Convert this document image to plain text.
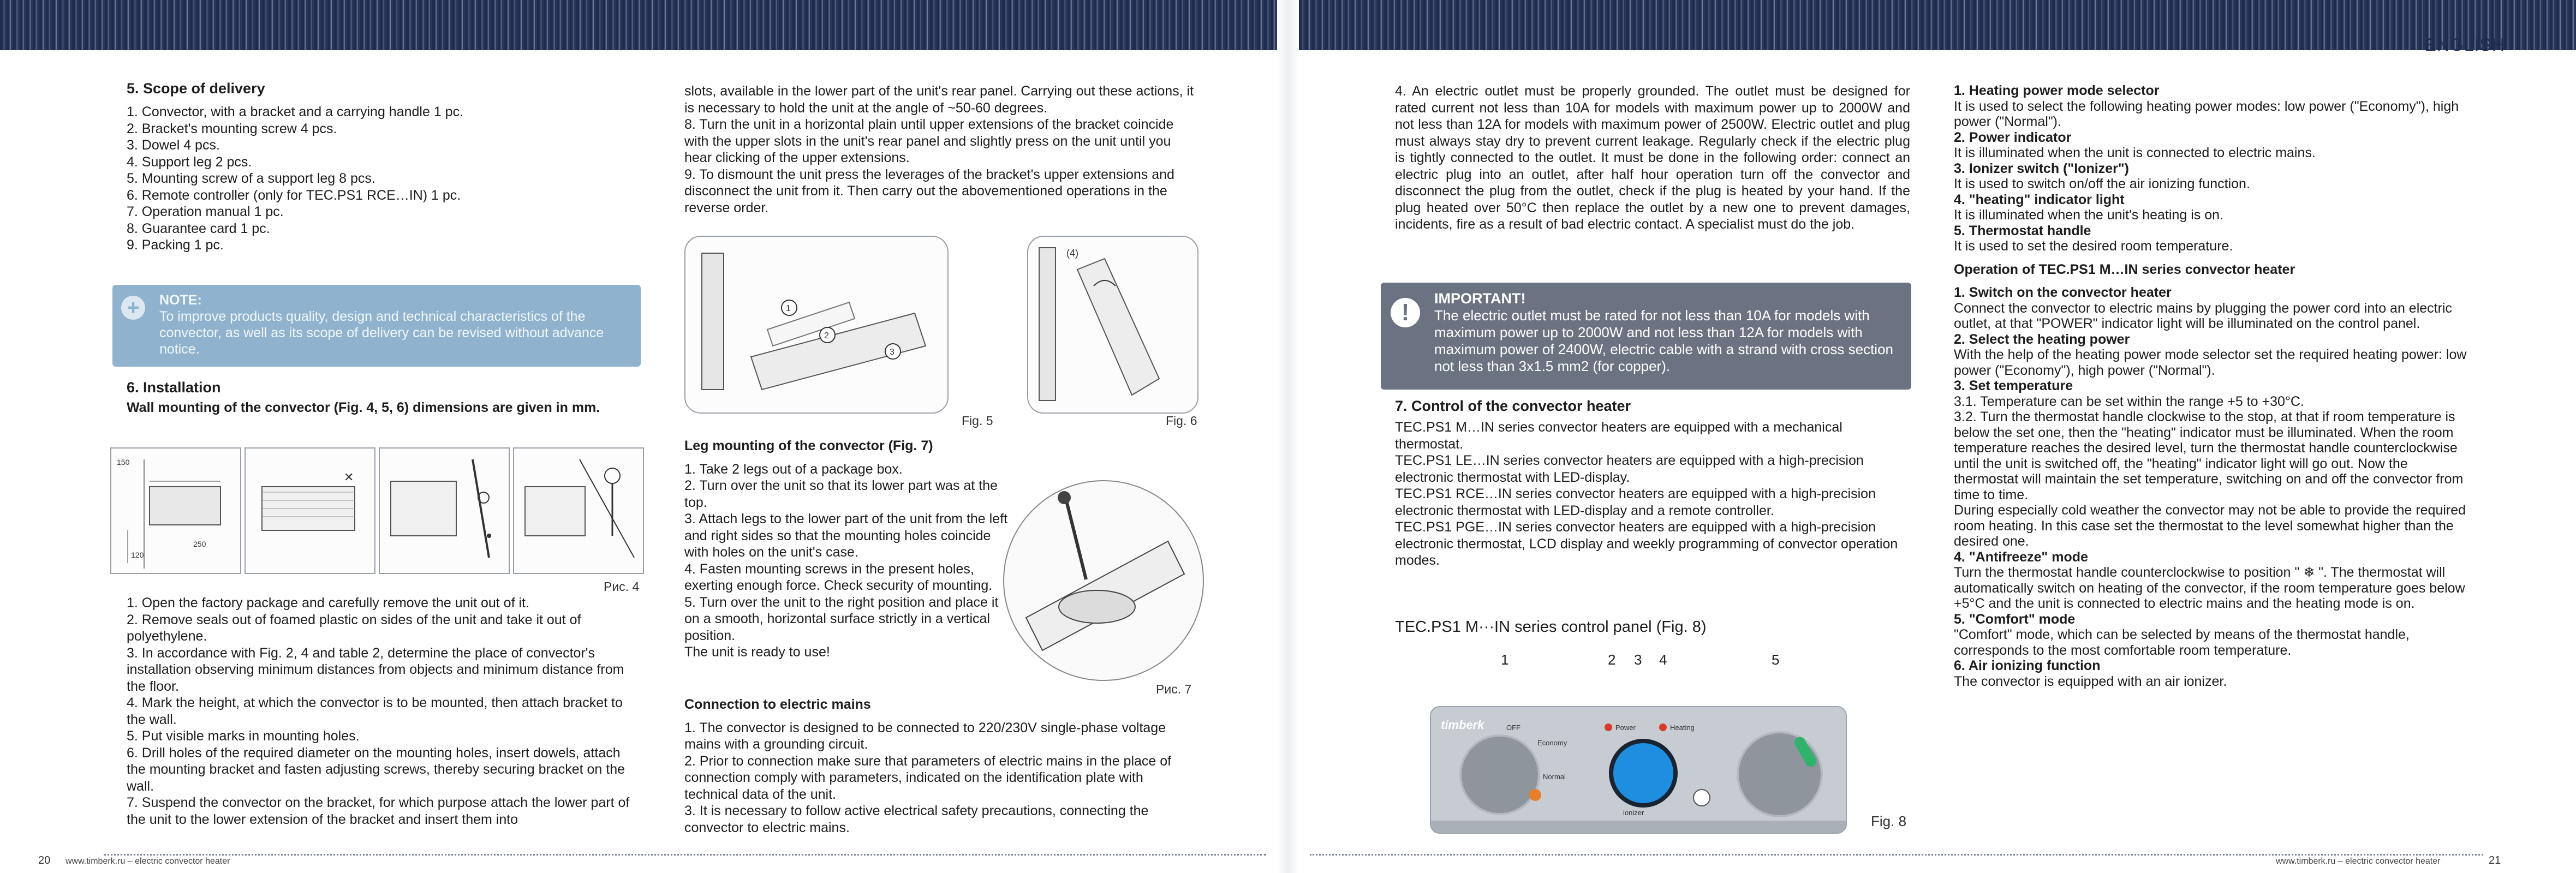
ENGLISH
5. Scope of delivery
1. Convector, with a bracket and a carrying handle 1 pc.
2. Bracket's mounting screw 4 pcs.
3. Dowel 4 pcs.
4. Support leg 2 pcs.
5. Mounting screw of a support leg 8 pcs.
6. Remote controller (only for TEC.PS1 RCE…IN) 1 pc.
7. Operation manual 1 pc.
8. Guarantee card 1 pc.
9. Packing 1 pc.
+	NOTE:
To improve products quality, design and technical characteristics of the convector, as well as its scope of delivery can be revised without advance notice.
6. Installation
Wall mounting of the convector (Fig. 4, 5, 6) dimensions are given in mm.
150
250
120
✕
Рис. 4

1. Open the factory package and carefully remove the unit out of it.

2. Remove seals out of foamed plastic on sides of the unit and take it out of polyethylene.

3. In accordance with Fig. 2, 4 and table 2, determine the place of convector's installation observing minimum distances from objects and minimum distance from the floor.

4. Mark the height, at which the convector is to be mounted, then attach bracket to the wall.

5. Put visible marks in mounting holes.

6. Drill holes of the required diameter on the mounting holes, insert dowels, attach the mounting bracket and fasten adjusting screws, thereby securing bracket on the wall.

7. Suspend the convector on the bracket, for which purpose attach the lower part of the unit to the lower extension of the bracket and insert them into

slots, available in the lower part of the unit's rear panel. Carrying out these actions, it is necessary to hold the unit at the angle of ~50-60 degrees.

8. Turn the unit in a horizontal plain until upper extensions of the bracket coincide with the upper slots in the unit's rear panel and slightly press on the unit until you hear clicking of the upper extensions.

9. To dismount the unit press the leverages of the bracket's upper extensions and disconnect the unit from it. Then carry out the abovementioned operations in the reverse order.

1
2
3
Fig. 5
(4)
Fig. 6
Leg mounting of the convector (Fig. 7)

1. Take 2 legs out of a package box.

2. Turn over the unit so that its lower part was at the top.

3. Attach legs to the lower part of the unit from the left and right sides so that the mounting holes coincide with holes on the unit's case.

4. Fasten mounting screws in the present holes, exerting enough force. Check security of mounting.

5. Turn over the unit to the right position and place it on a smooth, horizontal surface strictly in a vertical position.

The unit is ready to use!

Рис. 7
Connection to electric mains

1. The convector is designed to be connected to 220/230V single-phase voltage mains with a grounding circuit.

2. Prior to connection make sure that parameters of electric mains in the place of connection comply with parameters, indicated on the identification plate with technical data of the unit.

3. It is necessary to follow active electrical safety precautions, connecting the convector to electric mains.

20 www.timberk.ru – electric convector heater

4. An electric outlet must be properly grounded. The outlet must be designed for rated current not less than 10A for models with maximum power up to 2000W and not less than 12A for models with maximum power of 2500W. Electric outlet and plug must always stay dry to prevent current leakage. Regularly check if the electric plug is tightly connected to the outlet. It must be done in the following order: connect an electric plug into an outlet, after half hour operation turn off the convector and disconnect the plug from the outlet, check if the plug is heated by your hand. If the plug heated over 50°C then replace the outlet by a new one to prevent damages, incidents, fire as a result of bad electric contact. A specialist must do the job.

!
IMPORTANT!
The electric outlet must be rated for not less than 10A for models with maximum power up to 2000W and not less than 12A for models with maximum power of 2400W, electric cable with a strand with cross section not less than 3x1.5 mm2 (for copper).
7. Control of the convector heater

TEC.PS1 M…IN series convector heaters are equipped with a mechanical thermostat.

TEC.PS1 LE…IN series convector heaters are equipped with a high-precision electronic thermostat with LED-display.

TEC.PS1 RCE…IN series convector heaters are equipped with a high-precision electronic thermostat with LED-display and a remote controller.

TEC.PS1 PGE…IN series convector heaters are equipped with a high-precision electronic thermostat, LCD display and weekly programming of convector operation modes.

TEC.PS1 M···IN series control panel (Fig. 8)
1	2 3 4	5
timberk	OFF
Economy
Normal
Power	Heating
ionizer
Fig. 8
1. Heating power mode selector
It is used to select the following heating power modes: low power ("Economy"), high power ("Normal").
2. Power indicator
It is illuminated when the unit is connected to electric mains.
3. Ionizer switch ("Ionizer")
It is used to switch on/off the air ionizing function.
4. "heating" indicator light
It is illuminated when the unit's heating is on.
5. Thermostat handle
It is used to set the desired room temperature.
Operation of TEC.PS1 M…IN series convector heater
1. Switch on the convector heater
Connect the convector to electric mains by plugging the power cord into an electric outlet, at that "POWER" indicator light will be illuminated on the control panel.
2. Select the heating power
With the help of the heating power mode selector set the required heating power: low power ("Economy"), high power ("Normal").
3. Set temperature
3.1. Temperature can be set within the range +5 to +30°C.
3.2. Turn the thermostat handle clockwise to the stop, at that if room temperature is below the set one, then the "heating" indicator must be illuminated. When the room temperature reaches the desired level, turn the thermostat handle counterclockwise until the unit is switched off, the "heating" indicator light will go out. Now the thermostat will maintain the set temperature, switching on and off the convector from time to time.
During especially cold weather the convector may not be able to provide the required room heating. In this case set the thermostat to the level somewhat higher than the desired one.
4. "Antifreeze" mode
Turn the thermostat handle counterclockwise to position " ❄ ". The thermostat will automatically switch on heating of the convector, if the room temperature goes below +5°C and the unit is connected to electric mains and the heating mode is on.
5. "Comfort" mode
"Comfort" mode, which can be selected by means of the thermostat handle, corresponds to the most comfortable room temperature.
6. Air ionizing function
The convector is equipped with an air ionizer.
www.timberk.ru – electric convector heater	21
